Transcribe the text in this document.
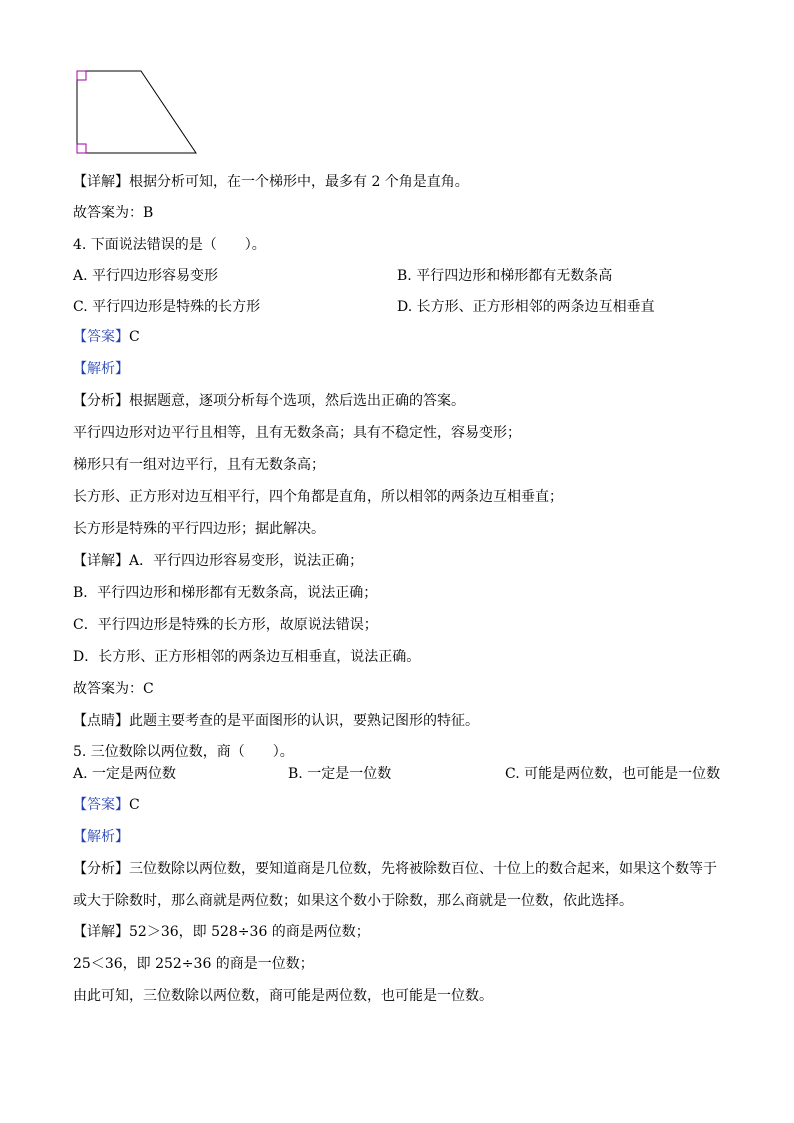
【详解】根据分析可知，在一个梯形中，最多有 2 个角是直角。
故答案为：B
4. 下面说法错误的是（　　）。
A. 平行四边形容易变形	B. 平行四边形和梯形都有无数条高
C. 平行四边形是特殊的长方形	D. 长方形、正方形相邻的两条边互相垂直
【答案】C
【解析】
【分析】根据题意，逐项分析每个选项，然后选出正确的答案。
平行四边形对边平行且相等，且有无数条高；具有不稳定性，容易变形；
梯形只有一组对边平行，且有无数条高；
长方形、正方形对边互相平行，四个角都是直角，所以相邻的两条边互相垂直；
长方形是特殊的平行四边形；据此解决。
【详解】A．平行四边形容易变形，说法正确；
B．平行四边形和梯形都有无数条高，说法正确；
C．平行四边形是特殊的长方形，故原说法错误；
D．长方形、正方形相邻的两条边互相垂直，说法正确。
故答案为：C
【点睛】此题主要考查的是平面图形的认识，要熟记图形的特征。
5. 三位数除以两位数，商（　　）。
A. 一定是两位数	B. 一定是一位数	C. 可能是两位数，也可能是一位数
【答案】C
【解析】
【分析】三位数除以两位数，要知道商是几位数，先将被除数百位、十位上的数合起来，如果这个数等于或大于除数时，那么商就是两位数；如果这个数小于除数，那么商就是一位数，依此选择。
【详解】52＞36，即 528÷36 的商是两位数；
25＜36，即 252÷36 的商是一位数；
由此可知，三位数除以两位数，商可能是两位数，也可能是一位数。
